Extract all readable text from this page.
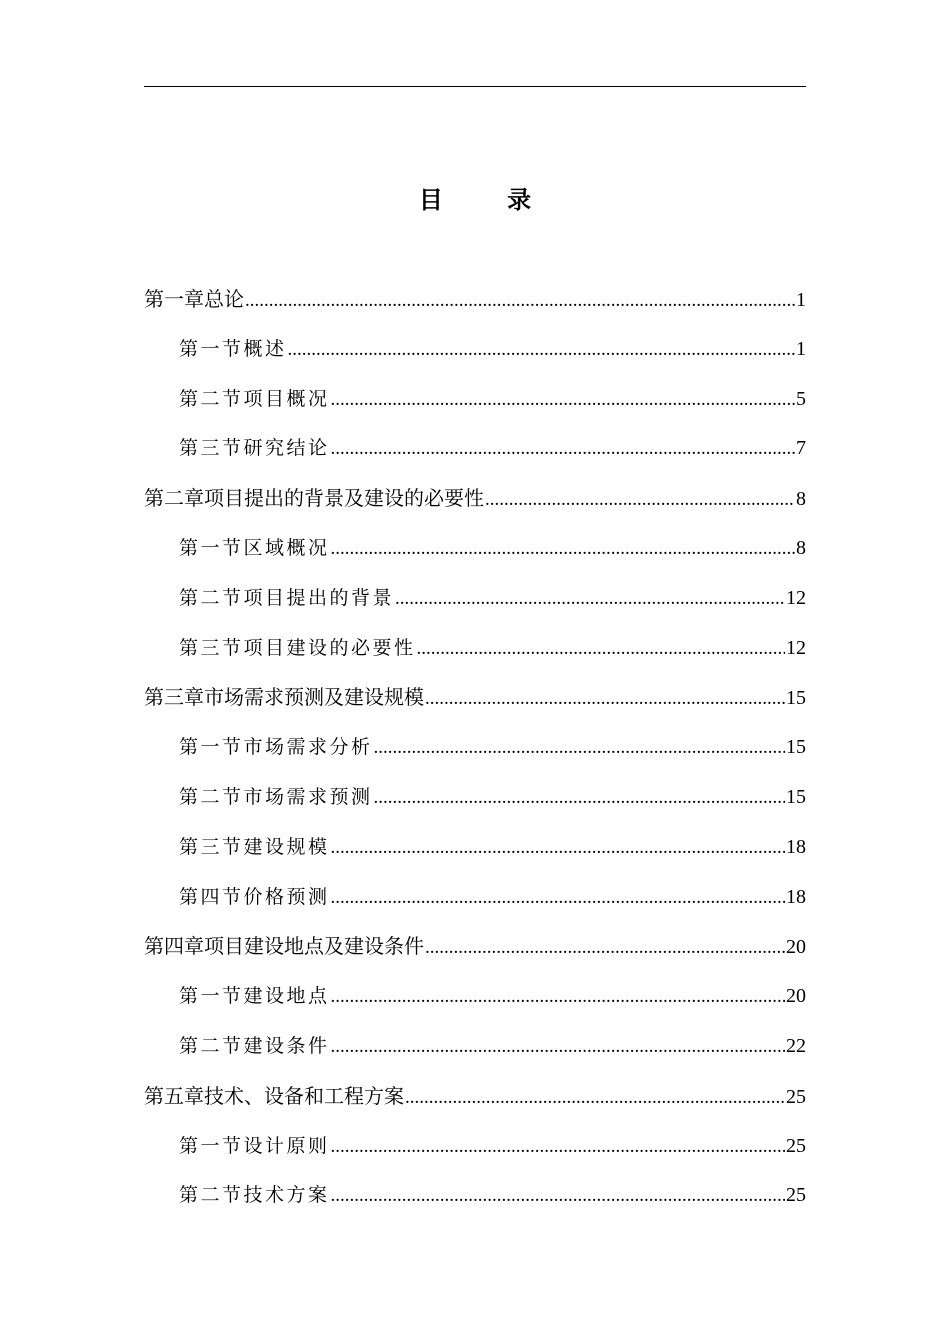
目 录
第一章 总论 .....	1
第一节 概述 .....	1
第二节 项目概况 .....	5
第三节 研究结论 .....	7
第二章 项目提出的背景及建设的必要性 .....	8
第一节 区域概况 .....	8
第二节 项目提出的背景 .....	12
第三节 项目建设的必要性 .....	12
第三章 市场需求预测及建设规模 .....	15
第一节 市场需求分析 .....	15
第二节 市场需求预测 .....	15
第三节 建设规模 .....	18
第四节 价格预测 .....	18
第四章 项目建设地点及建设条件 .....	20
第一节 建设地点 .....	20
第二节 建设条件 .....	22
第五章 技术、设备和工程方案 .....	25
第一节 设计原则 .....	25
第二节 技术方案 .....	25
